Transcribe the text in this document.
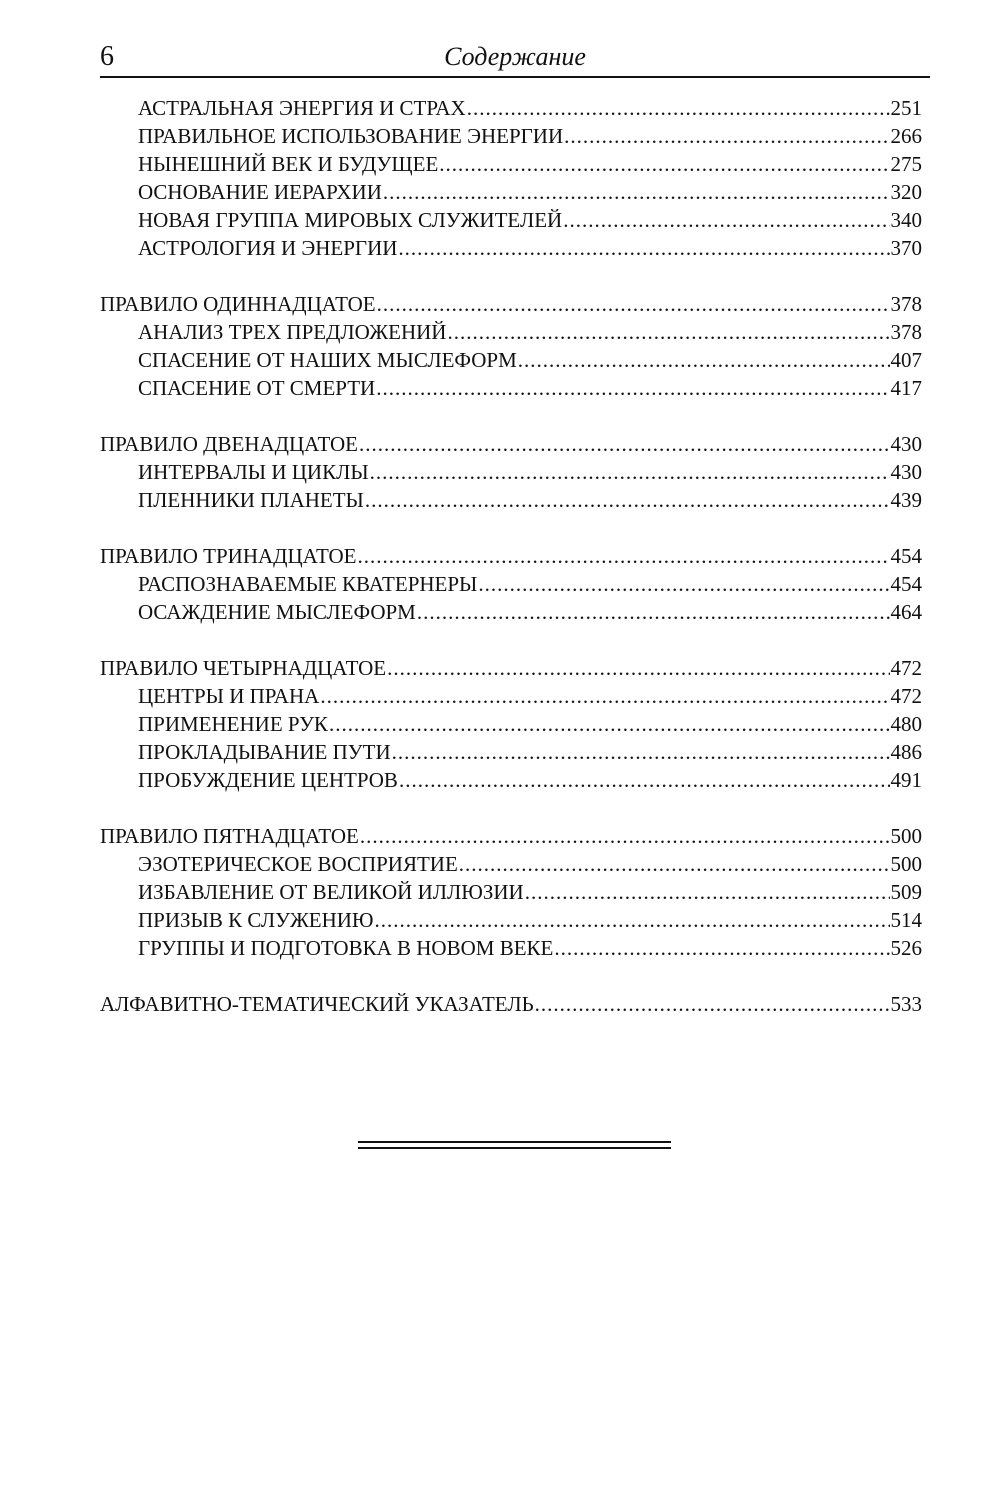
6	Содержание
АСТРАЛЬНАЯ ЭНЕРГИЯ И СТРАХ .....	251
ПРАВИЛЬНОЕ ИСПОЛЬЗОВАНИЕ ЭНЕРГИИ .....	266
НЫНЕШНИЙ ВЕК И БУДУЩЕЕ .....	275
ОСНОВАНИЕ ИЕРАРХИИ .....	320
НОВАЯ ГРУППА МИРОВЫХ СЛУЖИТЕЛЕЙ .....	340
АСТРОЛОГИЯ И ЭНЕРГИИ .....	370
ПРАВИЛО ОДИННАДЦАТОЕ .....	378
АНАЛИЗ ТРЕХ ПРЕДЛОЖЕНИЙ .....	378
СПАСЕНИЕ ОТ НАШИХ МЫСЛЕФОРМ .....	407
СПАСЕНИЕ ОТ СМЕРТИ .....	417
ПРАВИЛО ДВЕНАДЦАТОЕ .....	430
ИНТЕРВАЛЫ И ЦИКЛЫ .....	430
ПЛЕННИКИ ПЛАНЕТЫ .....	439
ПРАВИЛО ТРИНАДЦАТОЕ .....	454
РАСПОЗНАВАЕМЫЕ КВАТЕРНЕРЫ .....	454
ОСАЖДЕНИЕ МЫСЛЕФОРМ .....	464
ПРАВИЛО ЧЕТЫРНАДЦАТОЕ .....	472
ЦЕНТРЫ И ПРАНА .....	472
ПРИМЕНЕНИЕ РУК .....	480
ПРОКЛАДЫВАНИЕ ПУТИ .....	486
ПРОБУЖДЕНИЕ ЦЕНТРОВ .....	491
ПРАВИЛО ПЯТНАДЦАТОЕ .....	500
ЭЗОТЕРИЧЕСКОЕ ВОСПРИЯТИЕ .....	500
ИЗБАВЛЕНИЕ ОТ ВЕЛИКОЙ ИЛЛЮЗИИ .....	509
ПРИЗЫВ К СЛУЖЕНИЮ .....	514
ГРУППЫ И ПОДГОТОВКА В НОВОМ ВЕКЕ .....	526
АЛФАВИТНО-ТЕМАТИЧЕСКИЙ УКАЗАТЕЛЬ .....	533
